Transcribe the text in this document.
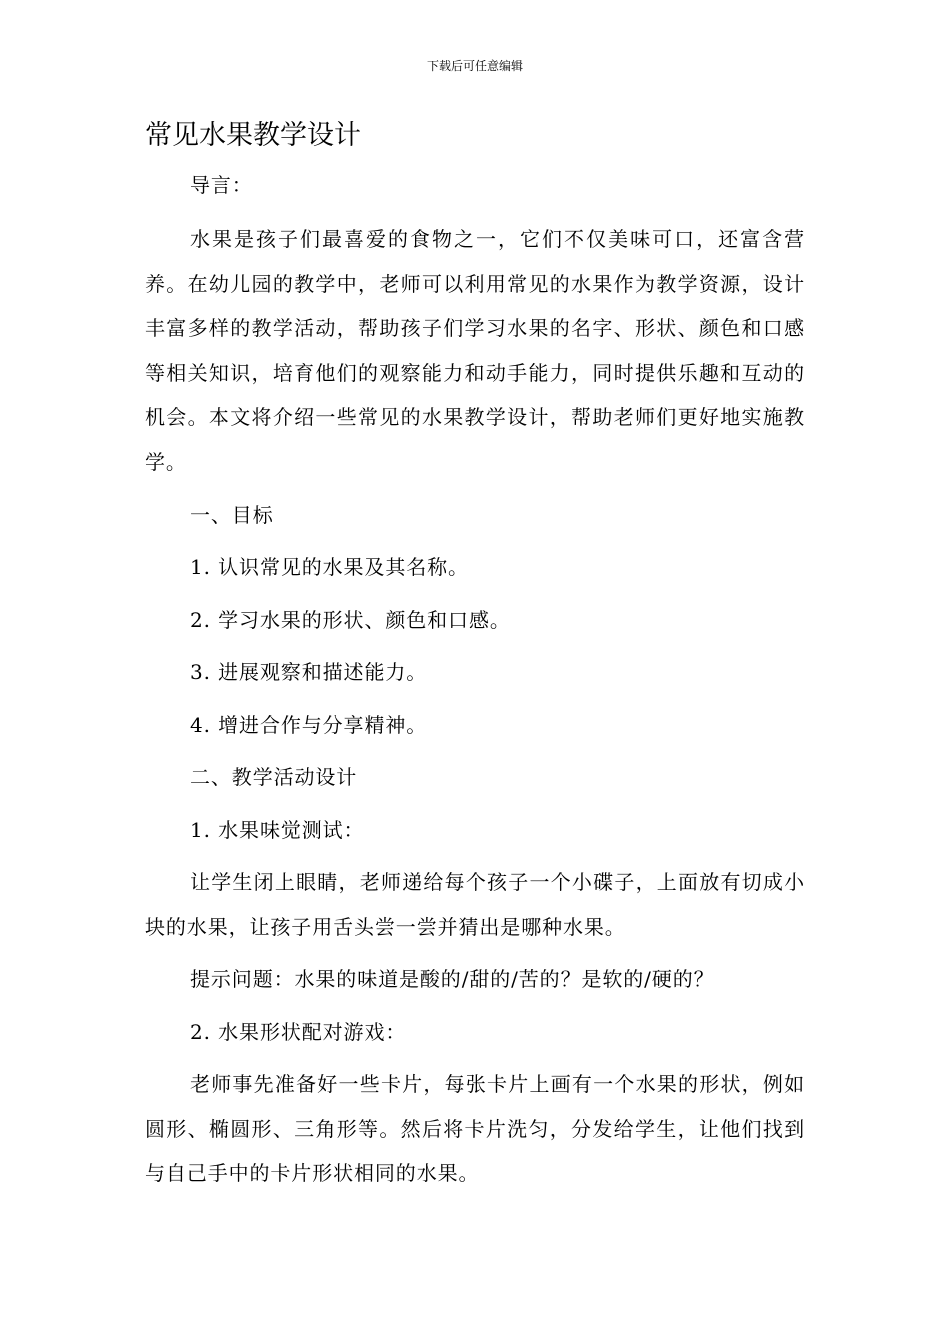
下载后可任意编辑
常见水果教学设计

导言：

水果是孩子们最喜爱的食物之一，它们不仅美味可口，还富含营养。在幼儿园的教学中，老师可以利用常见的水果作为教学资源，设计丰富多样的教学活动，帮助孩子们学习水果的名字、形状、颜色和口感等相关知识，培育他们的观察能力和动手能力，同时提供乐趣和互动的机会。本文将介绍一些常见的水果教学设计，帮助老师们更好地实施教学。

一、目标

1. 认识常见的水果及其名称。

2. 学习水果的形状、颜色和口感。

3. 进展观察和描述能力。

4. 增进合作与分享精神。

二、教学活动设计

1. 水果味觉测试：

让学生闭上眼睛，老师递给每个孩子一个小碟子，上面放有切成小块的水果，让孩子用舌头尝一尝并猜出是哪种水果。

提示问题：水果的味道是酸的/甜的/苦的？是软的/硬的？

2. 水果形状配对游戏：

老师事先准备好一些卡片，每张卡片上画有一个水果的形状，例如圆形、椭圆形、三角形等。然后将卡片洗匀，分发给学生，让他们找到与自己手中的卡片形状相同的水果。
